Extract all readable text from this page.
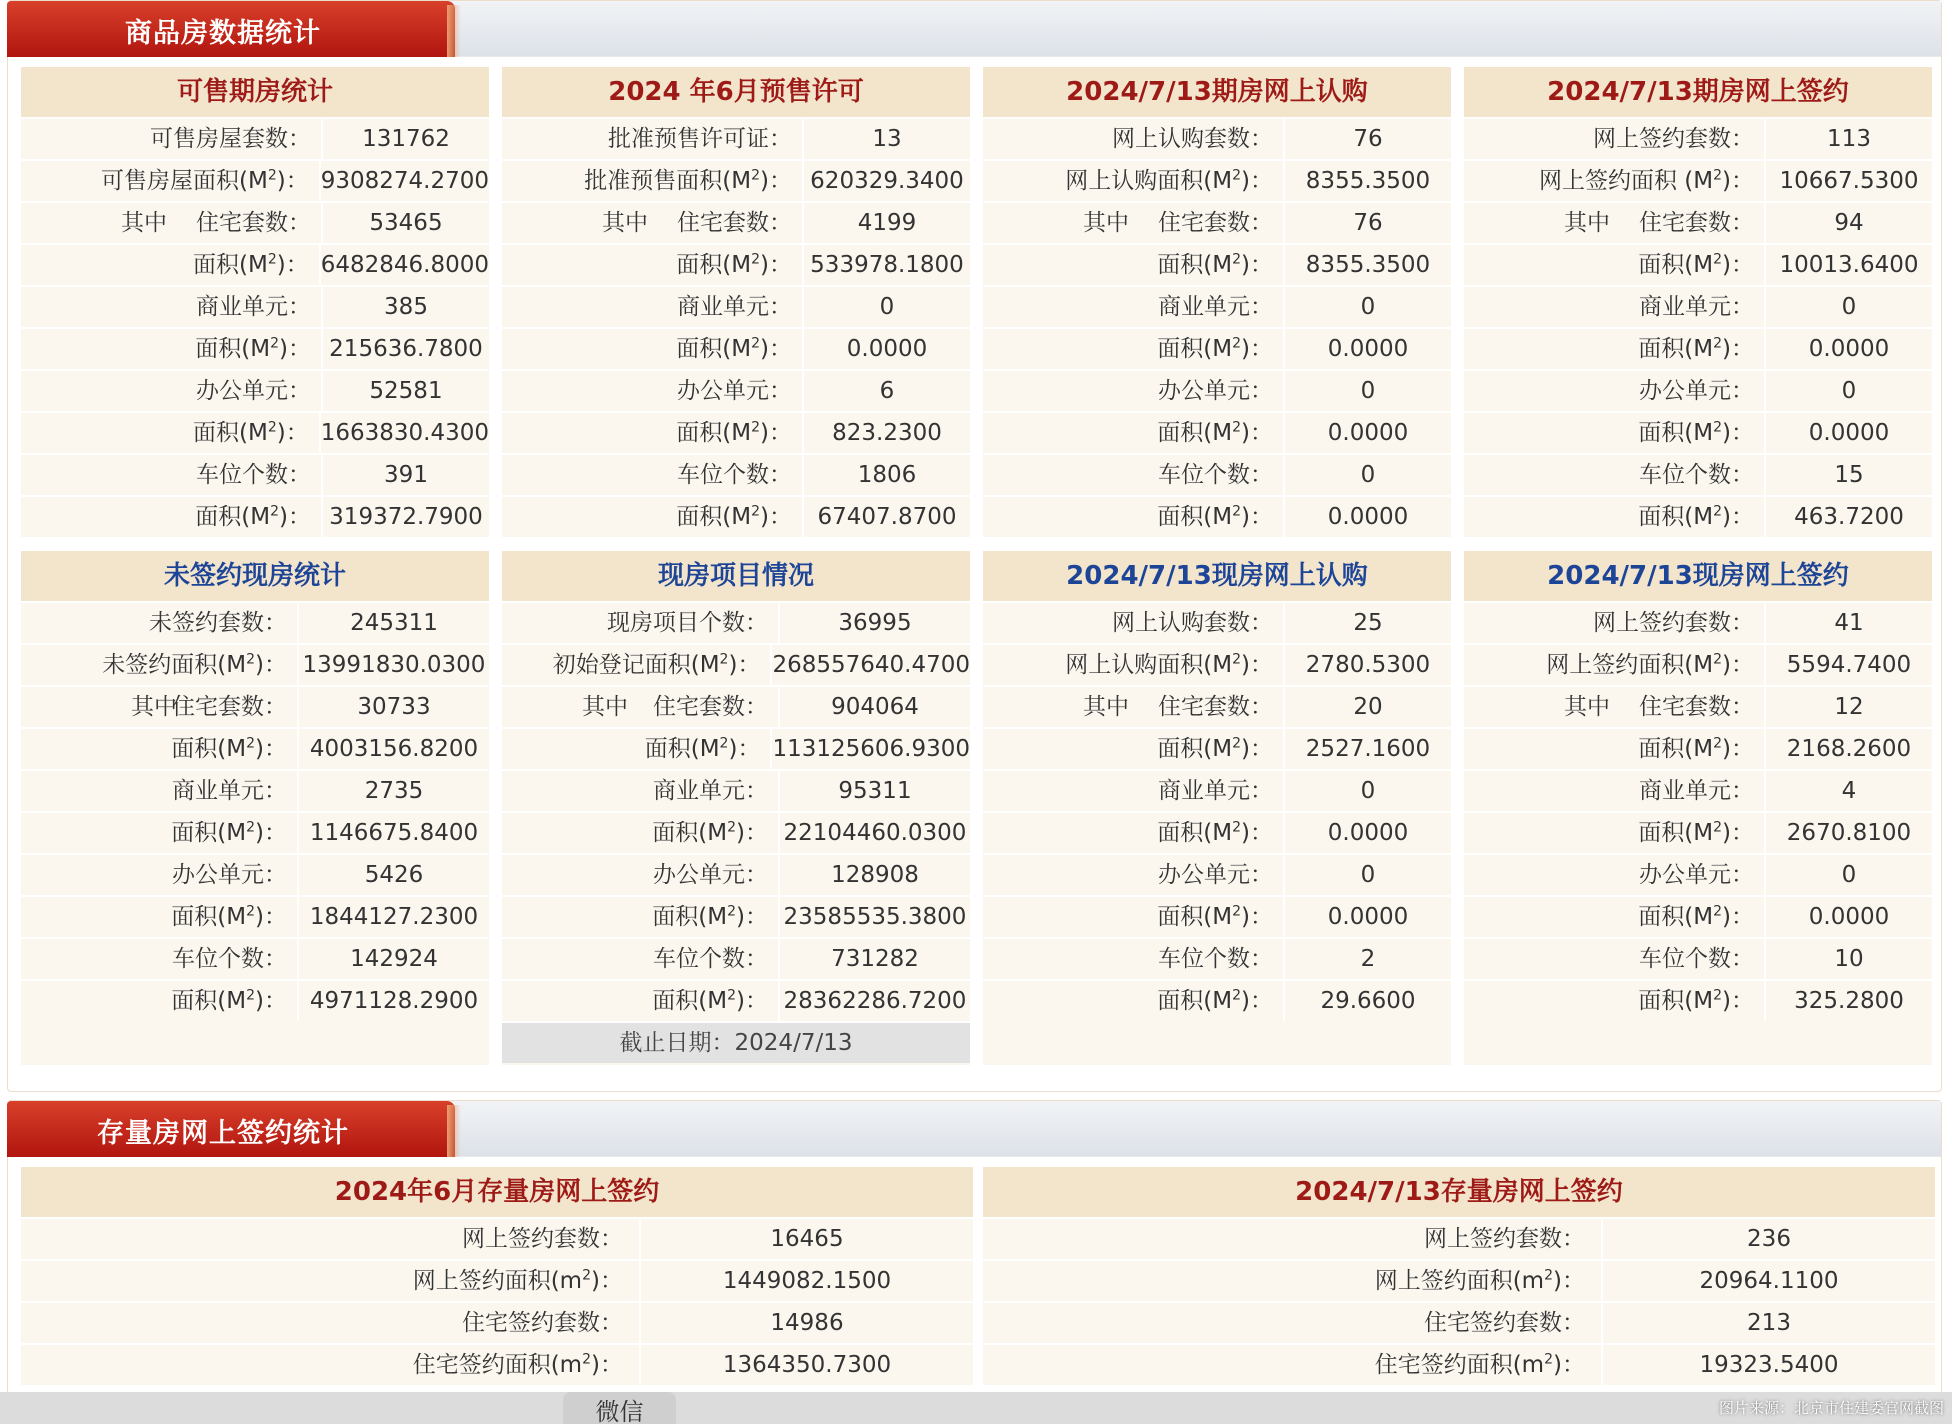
商品房数据统计
可售期房统计
可售房屋套数：	131762
可售房屋面积$(M^2)$： 9308274.2700
其中 住宅套数：	53465
面积$(M^2)$： 6482846.8000
商业单元：	385
面积$(M^2)$： 215636.7800
办公单元：	52581
面积$(M^2)$： 1663830.4300
车位个数：	391
面积$(M^2)$： 319372.7900
2024 年6月预售许可
批准预售许可证：	13
批准预售面积$(M^2)$： 620329.3400
其中 住宅套数：	4199
面积$(M^2)$： 533978.1800
商业单元：	0
面积$(M^2)$：	0.0000
办公单元：	6
面积$(M^2)$：	823.2300
车位个数：	1806
面积$(M^2)$：	67407.8700
2024/7/13期房网上认购
网上认购套数：	76
网上认购面积$(M^2)$：	8355.3500
其中 住宅套数：	76
面积$(M^2)$：	8355.3500
商业单元：	0
面积$(M^2)$：	0.0000
办公单元：	0
面积$(M^2)$：	0.0000
车位个数：	0
面积$(M^2)$：	0.0000
2024/7/13期房网上签约
网上签约套数：	113
网上签约面积 $(M^2)$：	10667.5300
其中 住宅套数：	94
面积$(M^2)$：	10013.6400
商业单元：	0
面积$(M^2)$：	0.0000
办公单元：	0
面积$(M^2)$：	0.0000
车位个数：	15
面积$(M^2)$：	463.7200
未签约现房统计
未签约套数：	245311
未签约面积$(M^2)$： 13991830.0300
其中
住宅套数：	30733
面积$(M^2)$： 4003156.8200
商业单元：	2735
面积$(M^2)$： 1146675.8400
办公单元：	5426
面积$(M^2)$： 1844127.2300
车位个数：	142924
面积$(M^2)$： 4971128.2900
现房项目情况
现房项目个数：	36995
初始登记面积$(M^2)$： 268557640.4700
其中 住宅套数：	904064
面积$(M^2)$： 113125606.9300
商业单元：	95311
面积$(M^2)$： 22104460.0300
办公单元：	128908
面积$(M^2)$： 23585535.3800
车位个数：	731282
面积$(M^2)$： 28362286.7200
截止日期：2024/7/13
2024/7/13现房网上认购
网上认购套数：	25
网上认购面积$(M^2)$：	2780.5300
其中 住宅套数：	20
面积$(M^2)$：	2527.1600
商业单元：	0
面积$(M^2)$：	0.0000
办公单元：	0
面积$(M^2)$：	0.0000
车位个数：	2
面积$(M^2)$：	29.6600
2024/7/13现房网上签约
网上签约套数：	41
网上签约面积$(M^2)$：	5594.7400
其中 住宅套数：	12
面积$(M^2)$：	2168.2600
商业单元：	4
面积$(M^2)$：	2670.8100
办公单元：	0
面积$(M^2)$：	0.0000
车位个数：	10
面积$(M^2)$：	325.2800
存量房网上签约统计
2024年6月存量房网上签约
网上签约套数：	16465
网上签约面积$(m^2)$：	1449082.1500
住宅签约套数：	14986
住宅签约面积$(m^2)$：	1364350.7300
2024/7/13存量房网上签约
网上签约套数：	236
网上签约面积$(m^2)$：	20964.1100
住宅签约套数：	213
住宅签约面积$(m^2)$：	19323.5400
微信	图片来源：北京市住建委官网截图
